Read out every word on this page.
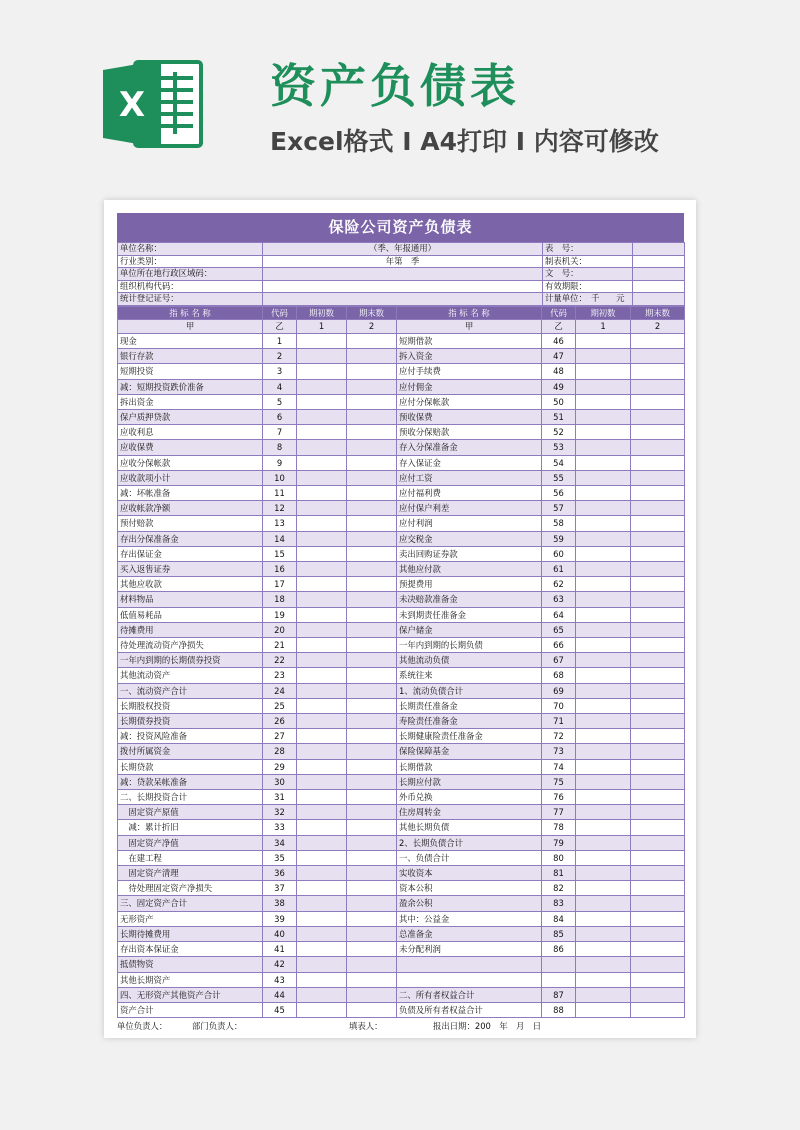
X	资产负债表
Excel格式 Ⅰ A4打印 Ⅰ 内容可修改
保险公司资产负债表
单位名称：	（季、年报通用）	表　号：	
行业类别：	年第　季	制表机关：	
单位所在地行政区域码：		文　号：	
组织机构代码：		有效期限：	
统计登记证号：		计量单位：　千　　元	
指 标 名 称	代码	期初数	期末数	指 标 名 称	代码	期初数	期末数
甲	乙	1	2	甲	乙	1	2
现金	1			短期借款	46		
银行存款	2			拆入资金	47		
短期投资	3			应付手续费	48		
减：短期投资跌价准备	4			应付佣金	49		
拆出资金	5			应付分保帐款	50		
保户质押贷款	6			预收保费	51		
应收利息	7			预收分保赔款	52		
应收保费	8			存入分保准备金	53		
应收分保帐款	9			存入保证金	54		
应收款项小计	10			应付工资	55		
减：坏帐准备	11			应付福利费	56		
应收帐款净额	12			应付保户利差	57		
预付赔款	13			应付利润	58		
存出分保准备金	14			应交税金	59		
存出保证金	15			卖出回购证券款	60		
买入返售证券	16			其他应付款	61		
其他应收款	17			预提费用	62		
材料物品	18			未决赔款准备金	63		
低值易耗品	19			未到期责任准备金	64		
待摊费用	20			保户储金	65		
待处理流动资产净损失	21			一年内到期的长期负债	66		
一年内到期的长期债券投资	22			其他流动负债	67		
其他流动资产	23			系统往来	68		
一、流动资产合计	24			1、流动负债合计	69		
长期股权投资	25			长期责任准备金	70		
长期债券投资	26			寿险责任准备金	71		
减：投资风险准备	27			长期健康险责任准备金	72		
拨付所属资金	28			保险保障基金	73		
长期贷款	29			长期借款	74		
减：贷款呆帐准备	30			长期应付款	75		
二、长期投资合计	31			外币兑换	76		
　固定资产原值	32			住房周转金	77		
　减：累计折旧	33			其他长期负债	78		
　固定资产净值	34			2、长期负债合计	79		
　在建工程	35			一、负债合计	80		
　固定资产清理	36			实收资本	81		
　待处理固定资产净损失	37			资本公积	82		
三、固定资产合计	38			盈余公积	83		
无形资产	39			其中：公益金	84		
长期待摊费用	40			总准备金	85		
存出资本保证金	41			未分配利润	86		
抵债物资	42						
其他长期资产	43						
四、无形资产其他资产合计	44			二、所有者权益合计	87		
资产合计	45			负债及所有者权益合计	88		
单位负责人：	部门负责人：	填表人：	报出日期：200　年　月　日
